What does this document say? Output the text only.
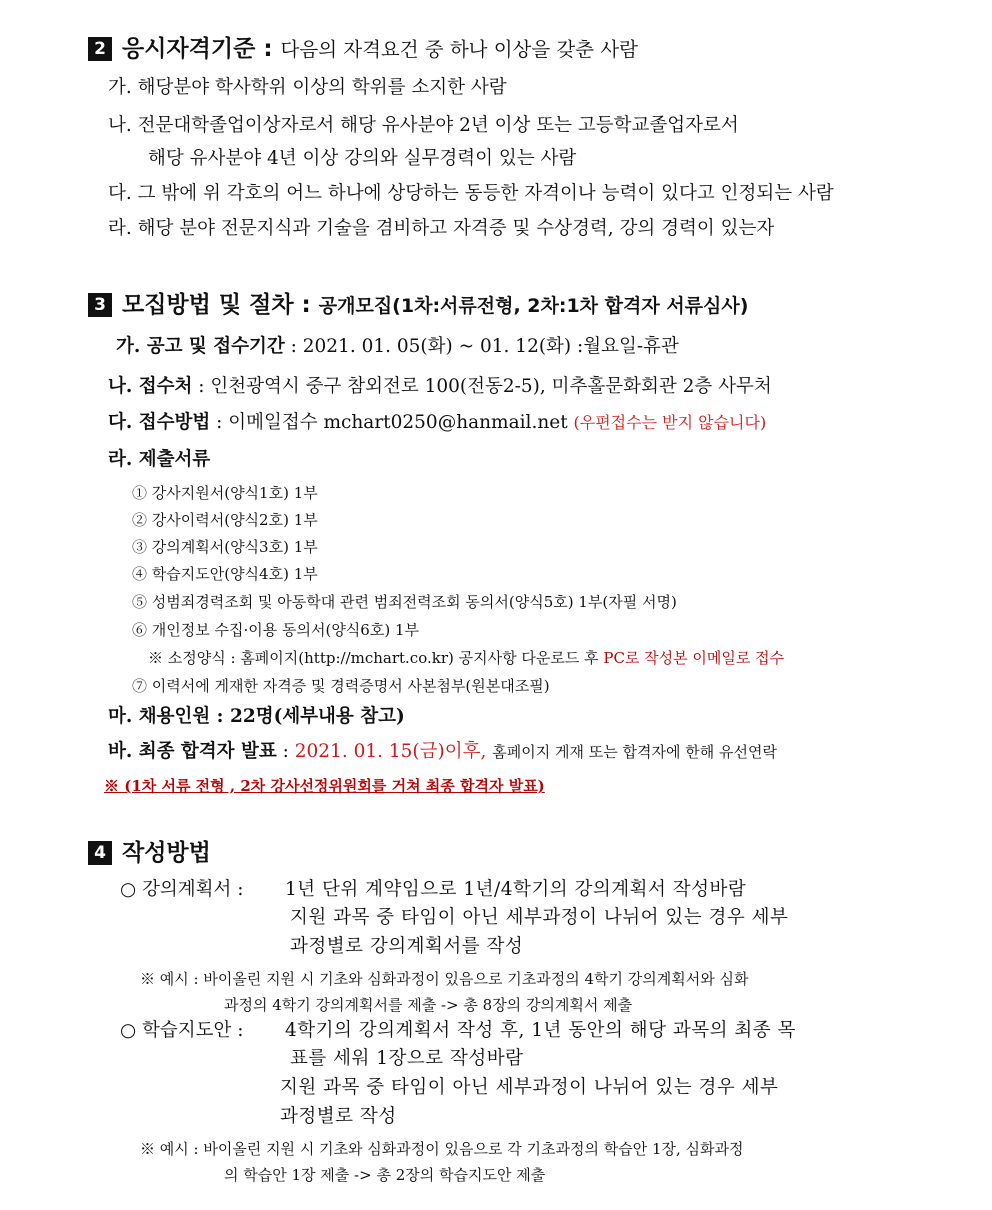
2 응시자격기준 : 다음의 자격요건 중 하나 이상을 갖춘 사람
가. 해당분야 학사학위 이상의 학위를 소지한 사람
나. 전문대학졸업이상자로서 해당 유사분야 2년 이상 또는 고등학교졸업자로서
해당 유사분야 4년 이상 강의와 실무경력이 있는 사람
다. 그 밖에 위 각호의 어느 하나에 상당하는 동등한 자격이나 능력이 있다고 인정되는 사람
라. 해당 분야 전문지식과 기술을 겸비하고 자격증 및 수상경력, 강의 경력이 있는자
3 모집방법 및 절차 : 공개모집(1차:서류전형, 2차:1차 합격자 서류심사)
가. 공고 및 접수기간 : 2021. 01. 05(화) ~ 01. 12(화) :월요일-휴관
나. 접수처 : 인천광역시 중구 참외전로 100(전동2-5), 미추홀문화회관 2층 사무처
다. 접수방법 : 이메일접수 mchart0250@hanmail.net (우편접수는 받지 않습니다)
라. 제출서류
① 강사지원서(양식1호) 1부
② 강사이력서(양식2호) 1부
③ 강의계획서(양식3호) 1부
④ 학습지도안(양식4호) 1부
⑤ 성범죄경력조회 및 아동학대 관련 범죄전력조회 동의서(양식5호) 1부(자필 서명)
⑥ 개인정보 수집·이용 동의서(양식6호) 1부
※ 소정양식 : 홈페이지(http://mchart.co.kr) 공지사항 다운로드 후 PC로 작성본 이메일로 접수
⑦ 이력서에 게재한 자격증 및 경력증명서 사본첨부(원본대조필)
마. 채용인원 : 22명(세부내용 참고)
바. 최종 합격자 발표 : 2021. 01. 15(금)이후, 홈페이지 게재 또는 합격자에 한해 유선연락
※ (1차 서류 전형 , 2차 강사선정위원회를 거쳐 최종 합격자 발표)
4 작성방법
○ 강의계획서 : 1년 단위 계약임으로 1년/4학기의 강의계획서 작성바람
지원 과목 중 타임이 아닌 세부과정이 나뉘어 있는 경우 세부
과정별로 강의계획서를 작성
※ 예시 : 바이올린 지원 시 기초와 심화과정이 있음으로 기초과정의 4학기 강의계획서와 심화
과정의 4학기 강의계획서를 제출 -> 총 8장의 강의계획서 제출
○ 학습지도안 : 4학기의 강의계획서 작성 후, 1년 동안의 해당 과목의 최종 목
표를 세워 1장으로 작성바람
지원 과목 중 타임이 아닌 세부과정이 나뉘어 있는 경우 세부
과정별로 작성
※ 예시 : 바이올린 지원 시 기초와 심화과정이 있음으로 각 기초과정의 학습안 1장, 심화과정
의 학습안 1장 제출 -> 총 2장의 학습지도안 제출
